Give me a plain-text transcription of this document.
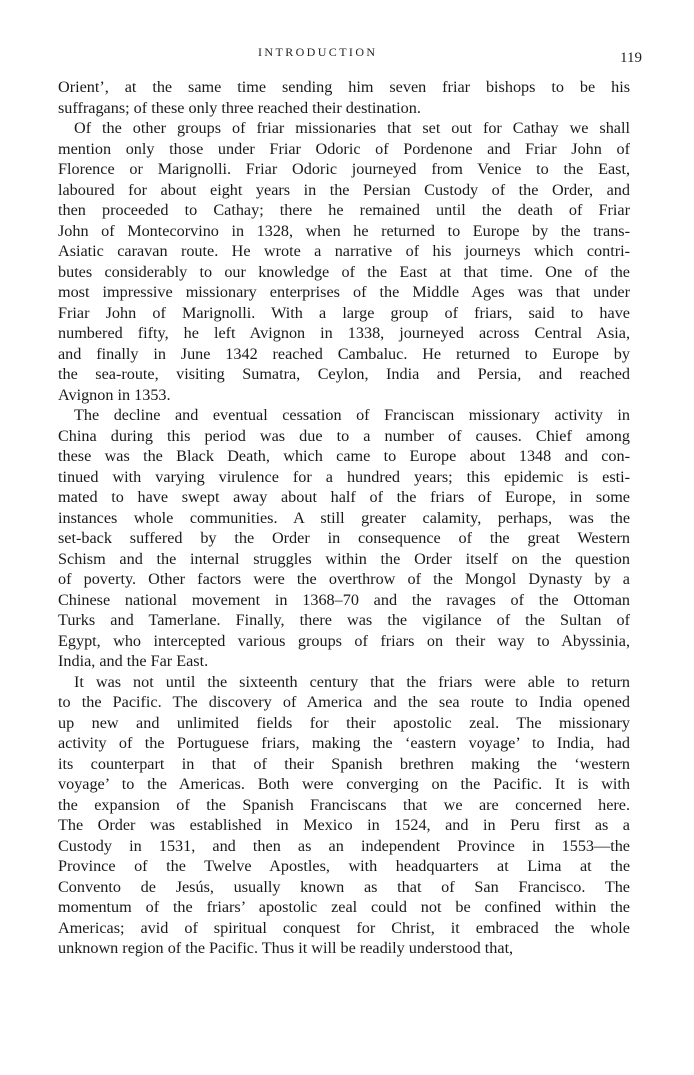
INTRODUCTION	119
Orient’, at the same time sending him seven friar bishops to be his
suffragans; of these only three reached their destination.
Of the other groups of friar missionaries that set out for Cathay we shall
mention only those under Friar Odoric of Pordenone and Friar John of
Florence or Marignolli. Friar Odoric journeyed from Venice to the East,
laboured for about eight years in the Persian Custody of the Order, and
then proceeded to Cathay; there he remained until the death of Friar
John of Montecorvino in 1328, when he returned to Europe by the trans-
Asiatic caravan route. He wrote a narrative of his journeys which contri-
butes considerably to our knowledge of the East at that time. One of the
most impressive missionary enterprises of the Middle Ages was that under
Friar John of Marignolli. With a large group of friars, said to have
numbered fifty, he left Avignon in 1338, journeyed across Central Asia,
and finally in June 1342 reached Cambaluc. He returned to Europe by
the sea-route, visiting Sumatra, Ceylon, India and Persia, and reached
Avignon in 1353.
The decline and eventual cessation of Franciscan missionary activity in
China during this period was due to a number of causes. Chief among
these was the Black Death, which came to Europe about 1348 and con-
tinued with varying virulence for a hundred years; this epidemic is esti-
mated to have swept away about half of the friars of Europe, in some
instances whole communities. A still greater calamity, perhaps, was the
set-back suffered by the Order in consequence of the great Western
Schism and the internal struggles within the Order itself on the question
of poverty. Other factors were the overthrow of the Mongol Dynasty by a
Chinese national movement in 1368–70 and the ravages of the Ottoman
Turks and Tamerlane. Finally, there was the vigilance of the Sultan of
Egypt, who intercepted various groups of friars on their way to Abyssinia,
India, and the Far East.
It was not until the sixteenth century that the friars were able to return
to the Pacific. The discovery of America and the sea route to India opened
up new and unlimited fields for their apostolic zeal. The missionary
activity of the Portuguese friars, making the ‘eastern voyage’ to India, had
its counterpart in that of their Spanish brethren making the ‘western
voyage’ to the Americas. Both were converging on the Pacific. It is with
the expansion of the Spanish Franciscans that we are concerned here.
The Order was established in Mexico in 1524, and in Peru first as a
Custody in 1531, and then as an independent Province in 1553—the
Province of the Twelve Apostles, with headquarters at Lima at the
Convento de Jesús, usually known as that of San Francisco. The
momentum of the friars’ apostolic zeal could not be confined within the
Americas; avid of spiritual conquest for Christ, it embraced the whole
unknown region of the Pacific. Thus it will be readily understood that,
